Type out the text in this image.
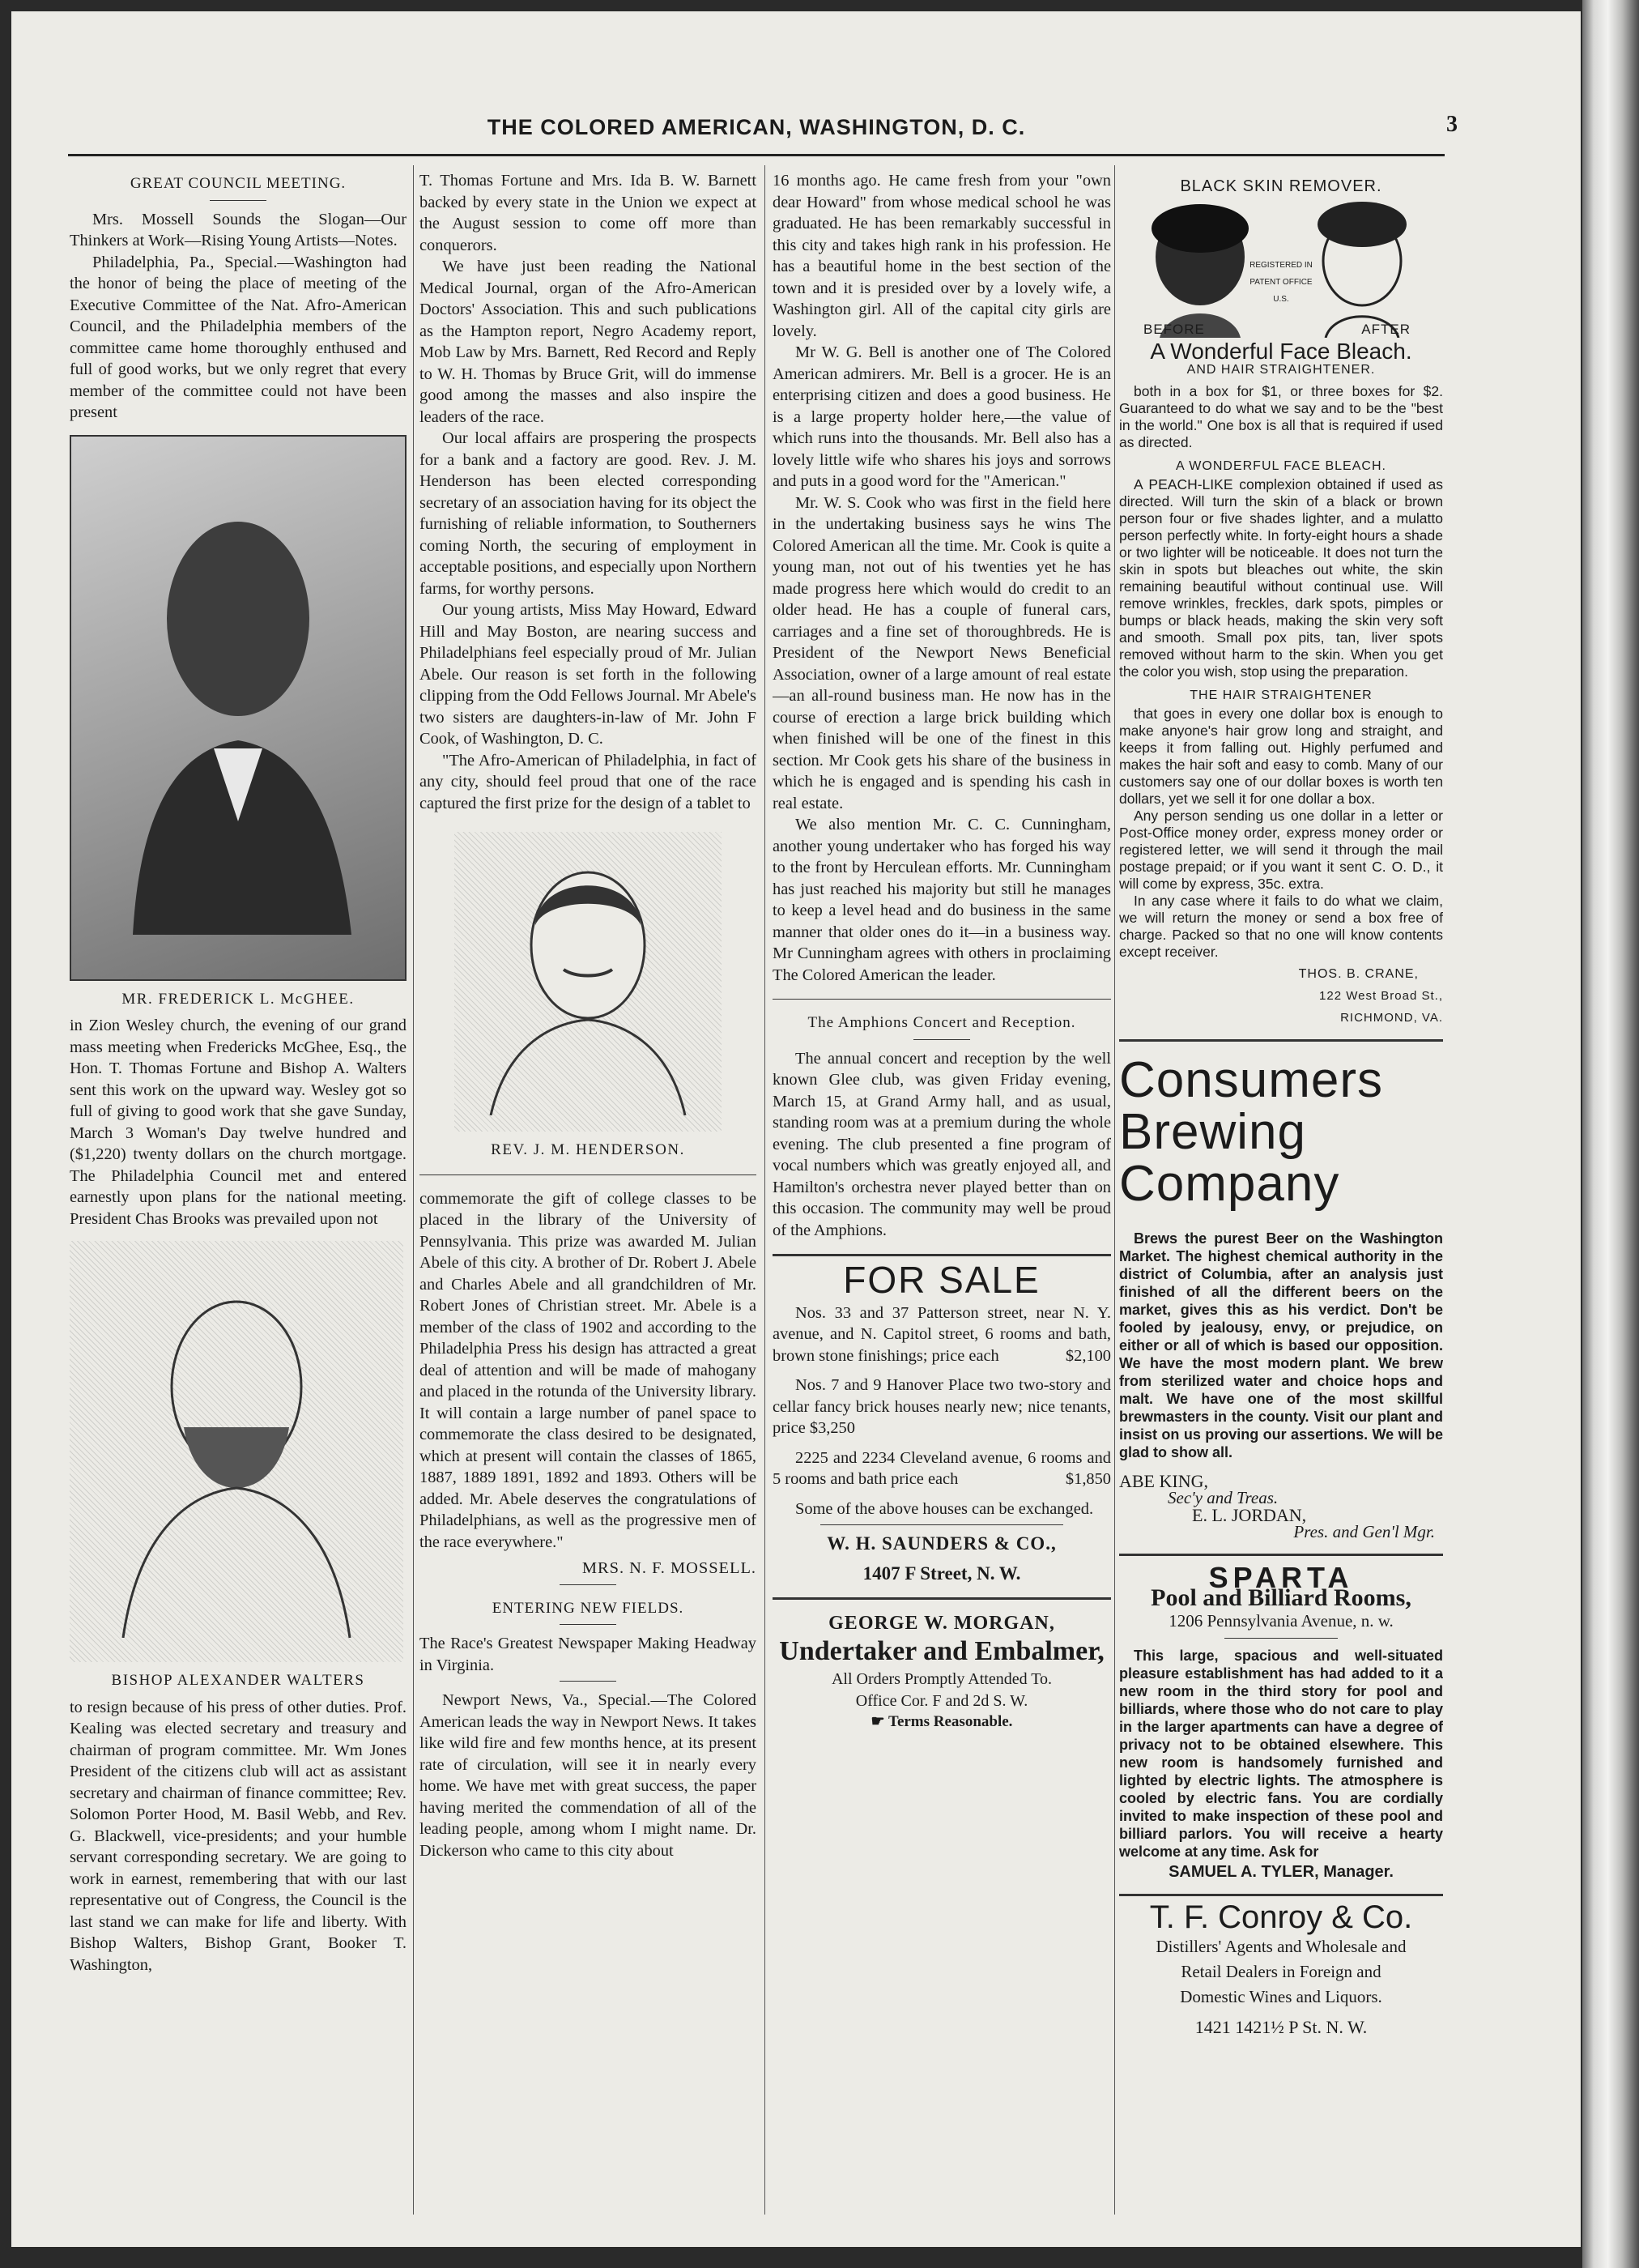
THE COLORED AMERICAN, WASHINGTON, D. C.	3
GREAT COUNCIL MEETING.

Mrs. Mossell Sounds the Slogan—Our Thinkers at Work—Rising Young Artists—Notes.

Philadelphia, Pa., Special.—Washington had the honor of being the place of meeting of the Executive Committee of the Nat. Afro-American Council, and the Philadelphia members of the committee came home thoroughly enthused and full of good works, but we only regret that every member of the committee could not have been present

MR. FREDERICK L. McGHEE.

in Zion Wesley church, the evening of our grand mass meeting when Fredericks McGhee, Esq., the Hon. T. Thomas Fortune and Bishop A. Walters sent this work on the upward way. Wesley got so full of giving to good work that she gave Sunday, March 3 Woman's Day twelve hundred and ($1,220) twenty dollars on the church mortgage. The Philadelphia Council met and entered earnestly upon plans for the national meeting. President Chas Brooks was prevailed upon not

BISHOP ALEXANDER WALTERS

to resign because of his press of other duties. Prof. Kealing was elected secretary and treasury and chairman of program committee. Mr. Wm Jones President of the citizens club will act as assistant secretary and chairman of finance committee; Rev. Solomon Porter Hood, M. Basil Webb, and Rev. G. Blackwell, vice-presidents; and your humble servant corresponding secretary. We are going to work in earnest, remembering that with our last representative out of Congress, the Council is the last stand we can make for life and liberty. With Bishop Walters, Bishop Grant, Booker T. Washington,

T. Thomas Fortune and Mrs. Ida B. W. Barnett backed by every state in the Union we expect at the August session to come off more than conquerors.

We have just been reading the National Medical Journal, organ of the Afro-American Doctors' Association. This and such publications as the Hampton report, Negro Academy report, Mob Law by Mrs. Barnett, Red Record and Reply to W. H. Thomas by Bruce Grit, will do immense good among the masses and also inspire the leaders of the race.

Our local affairs are prospering the prospects for a bank and a factory are good. Rev. J. M. Henderson has been elected corresponding secretary of an association having for its object the furnishing of reliable information, to Southerners coming North, the securing of employment in acceptable positions, and especially upon Northern farms, for worthy persons.

Our young artists, Miss May Howard, Edward Hill and May Boston, are nearing success and Philadelphians feel especially proud of Mr. Julian Abele. Our reason is set forth in the following clipping from the Odd Fellows Journal. Mr Abele's two sisters are daughters-in-law of Mr. John F Cook, of Washington, D. C.

"The Afro-American of Philadelphia, in fact of any city, should feel proud that one of the race captured the first prize for the design of a tablet to

REV. J. M. HENDERSON.

commemorate the gift of college classes to be placed in the library of the University of Pennsylvania. This prize was awarded M. Julian Abele of this city. A brother of Dr. Robert J. Abele and Charles Abele and all grandchildren of Mr. Robert Jones of Christian street. Mr. Abele is a member of the class of 1902 and according to the Philadelphia Press his design has attracted a great deal of attention and will be made of mahogany and placed in the rotunda of the University library. It will contain a large number of panel space to commemorate the class desired to be designated, which at present will contain the classes of 1865, 1887, 1889 1891, 1892 and 1893. Others will be added. Mr. Abele deserves the congratulations of Philadelphians, as well as the progressive men of the race everywhere."

MRS. N. F. MOSSELL.
ENTERING NEW FIELDS.

The Race's Greatest Newspaper Making Headway in Virginia.

Newport News, Va., Special.—The Colored American leads the way in Newport News. It takes like wild fire and few months hence, at its present rate of circulation, will see it in nearly every home. We have met with great success, the paper having merited the commendation of all of the leading people, among whom I might name. Dr. Dickerson who came to this city about

16 months ago. He came fresh from your "own dear Howard" from whose medical school he was graduated. He has been remarkably successful in this city and takes high rank in his profession. He has a beautiful home in the best section of the town and it is presided over by a lovely wife, a Washington girl. All of the capital city girls are lovely.

Mr W. G. Bell is another one of The Colored American admirers. Mr. Bell is a grocer. He is an enterprising citizen and does a good business. He is a large property holder here,—the value of which runs into the thousands. Mr. Bell also has a lovely little wife who shares his joys and sorrows and puts in a good word for the "American."

Mr. W. S. Cook who was first in the field here in the undertaking business says he wins The Colored American all the time. Mr. Cook is quite a young man, not out of his twenties yet he has made progress here which would do credit to an older head. He has a couple of funeral cars, carriages and a fine set of thoroughbreds. He is President of the Newport News Beneficial Association, owner of a large amount of real estate—an all-round business man. He now has in the course of erection a large brick building which when finished will be one of the finest in this section. Mr Cook gets his share of the business in which he is engaged and is spending his cash in real estate.

We also mention Mr. C. C. Cunningham, another young undertaker who has forged his way to the front by Herculean efforts. Mr. Cunningham has just reached his majority but still he manages to keep a level head and do business in the same manner that older ones do it—in a business way. Mr Cunningham agrees with others in proclaiming The Colored American the leader.

The Amphions Concert and Reception.

The annual concert and reception by the well known Glee club, was given Friday evening, March 15, at Grand Army hall, and as usual, standing room was at a premium during the whole evening. The club presented a fine program of vocal numbers which was greatly enjoyed all, and Hamilton's orchestra never played better than on this occasion. The community may well be proud of the Amphions.

FOR SALE

Nos. 33 and 37 Patterson street, near N. Y. avenue, and N. Capitol street, 6 rooms and bath, brown stone finishings; price each	$2,100

Nos. 7 and 9 Hanover Place two two-story and cellar fancy brick houses nearly new; nice tenants, price $3,250

2225 and 2234 Cleveland avenue, 6 rooms and 5 rooms and bath price each	$1,850

Some of the above houses can be exchanged.

W. H. SAUNDERS & CO.,
1407 F Street, N. W.
GEORGE W. MORGAN,
Undertaker and Embalmer,
All Orders Promptly Attended To.
Office Cor. F and 2d S. W.
☛ Terms Reasonable.
BLACK SKIN REMOVER.
REGISTERED IN PATENT OFFICE U.S.
BEFORE	AFTER
A Wonderful Face Bleach.
AND HAIR STRAIGHTENER.

both in a box for $1, or three boxes for $2. Guaranteed to do what we say and to be the "best in the world." One box is all that is required if used as directed.

A WONDERFUL FACE BLEACH.

A PEACH-LIKE complexion obtained if used as directed. Will turn the skin of a black or brown person four or five shades lighter, and a mulatto person perfectly white. In forty-eight hours a shade or two lighter will be noticeable. It does not turn the skin in spots but bleaches out white, the skin remaining beautiful without continual use. Will remove wrinkles, freckles, dark spots, pimples or bumps or black heads, making the skin very soft and smooth. Small pox pits, tan, liver spots removed without harm to the skin. When you get the color you wish, stop using the preparation.

THE HAIR STRAIGHTENER

that goes in every one dollar box is enough to make anyone's hair grow long and straight, and keeps it from falling out. Highly perfumed and makes the hair soft and easy to comb. Many of our customers say one of our dollar boxes is worth ten dollars, yet we sell it for one dollar a box.

Any person sending us one dollar in a letter or Post-Office money order, express money order or registered letter, we will send it through the mail postage prepaid; or if you want it sent C. O. D., it will come by express, 35c. extra.

In any case where it fails to do what we claim, we will return the money or send a box free of charge. Packed so that no one will know contents except receiver.

THOS. B. CRANE,
122 West Broad St.,
RICHMOND, VA.
Consumers
Brewing
Company

Brews the purest Beer on the Washington Market. The highest chemical authority in the district of Columbia, after an analysis just finished of all the different beers on the market, gives this as his verdict. Don't be fooled by jealousy, envy, or prejudice, on either or all of which is based our opposition. We have the most modern plant. We brew from sterilized water and choice hops and malt. We have one of the most skillful brewmasters in the county. Visit our plant and insist on us proving our assertions. We will be glad to show all.

ABE KING,
Sec'y and Treas.
E. L. JORDAN,
Pres. and Gen'l Mgr.
SPARTA
Pool and Billiard Rooms,
1206 Pennsylvania Avenue, n. w.

This large, spacious and well-situated pleasure establishment has had added to it a new room in the third story for pool and billiards, where those who do not care to play in the larger apartments can have a degree of privacy not to be obtained elsewhere. This new room is handsomely furnished and lighted by electric lights. The atmosphere is cooled by electric fans. You are cordially invited to make inspection of these pool and billiard parlors. You will receive a hearty welcome at any time. Ask for

SAMUEL A. TYLER, Manager.
T. F. Conroy & Co.
Distillers' Agents and Wholesale and
Retail Dealers in Foreign and
Domestic Wines and Liquors.
1421 1421½ P St. N. W.
